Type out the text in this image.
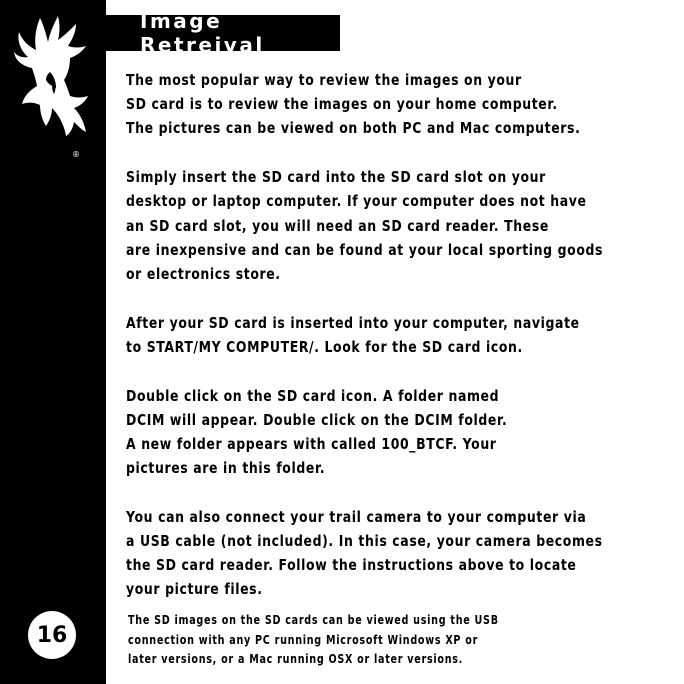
®
16
Image Retreival

The most popular way to review the images on your
SD card is to review the images on your home computer.
The pictures can be viewed on both PC and Mac computers.

Simply insert the SD card into the SD card slot on your
desktop or laptop computer. If your computer does not have
an SD card slot, you will need an SD card reader. These
are inexpensive and can be found at your local sporting goods
or electronics store.

After your SD card is inserted into your computer, navigate
to START/MY COMPUTER/. Look for the SD card icon.

Double click on the SD card icon. A folder named
DCIM will appear. Double click on the DCIM folder.
A new folder appears with called 100_BTCF. Your
pictures are in this folder.

You can also connect your trail camera to your computer via
a USB cable (not included). In this case, your camera becomes
the SD card reader. Follow the instructions above to locate
your picture files.

The SD images on the SD cards can be viewed using the USB
connection with any PC running Microsoft Windows XP or
later versions, or a Mac running OSX or later versions.
